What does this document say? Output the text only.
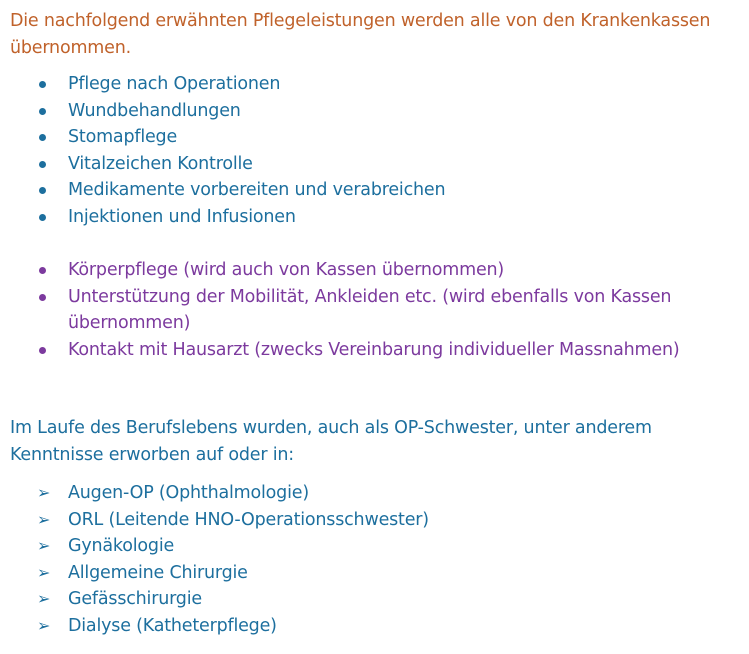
Die nachfolgend erwähnten Pflegeleistungen werden alle von den Krankenkassen übernommen.
Pflege nach Operationen
Wundbehandlungen
Stomapflege
Vitalzeichen Kontrolle
Medikamente vorbereiten und verabreichen
Injektionen und Infusionen
Körperpflege (wird auch von Kassen übernommen)
Unterstützung der Mobilität, Ankleiden etc. (wird ebenfalls von Kassen übernommen)
Kontakt mit Hausarzt (zwecks Vereinbarung individueller Massnahmen)
Im Laufe des Berufslebens wurden, auch als OP-Schwester, unter anderem Kenntnisse erworben auf oder in:
➢ Augen-OP (Ophthalmologie)
➢ ORL (Leitende HNO-Operationsschwester)
➢ Gynäkologie
➢ Allgemeine Chirurgie
➢ Gefässchirurgie
➢ Dialyse (Katheterpflege)
